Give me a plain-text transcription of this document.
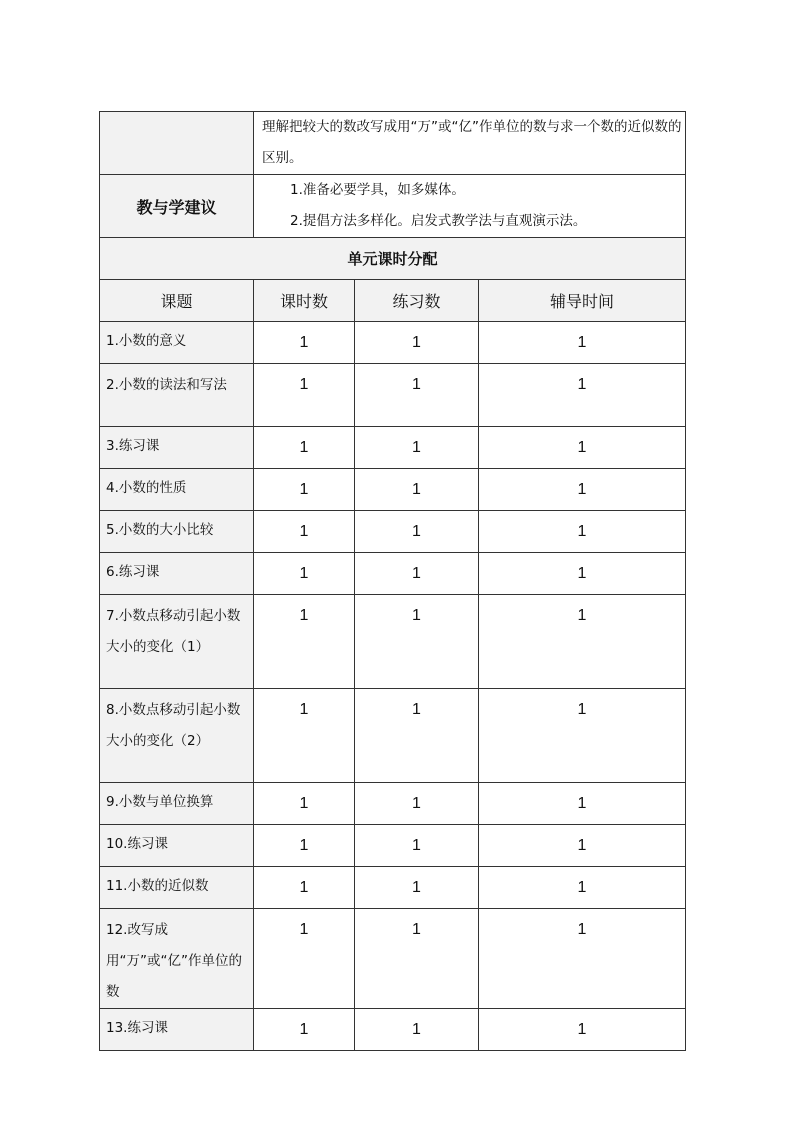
	理解把较大的数改写成用“万”或“亿”作单位的数与求一个数的近似数的区别。		
教与学建议	1.准备必要学具，如多媒体。
2.提倡方法多样化。启发式教学法与直观演示法。		

单元课时分配			
课题	课时数	练习数	辅导时间
1.小数的意义	1	1	1
2.小数的读法和写法	1	1	1
3.练习课	1	1	1
4.小数的性质	1	1	1
5.小数的大小比较	1	1	1
6.练习课	1	1	1
7.小数点移动引起小数大小的变化（1）	1	1	1
8.小数点移动引起小数大小的变化（2）	1	1	1
9.小数与单位换算	1	1	1
10.练习课	1	1	1
11.小数的近似数	1	1	1
12.改写成用“万”或“亿”作单位的数	1	1	1
13.练习课	1	1	1
